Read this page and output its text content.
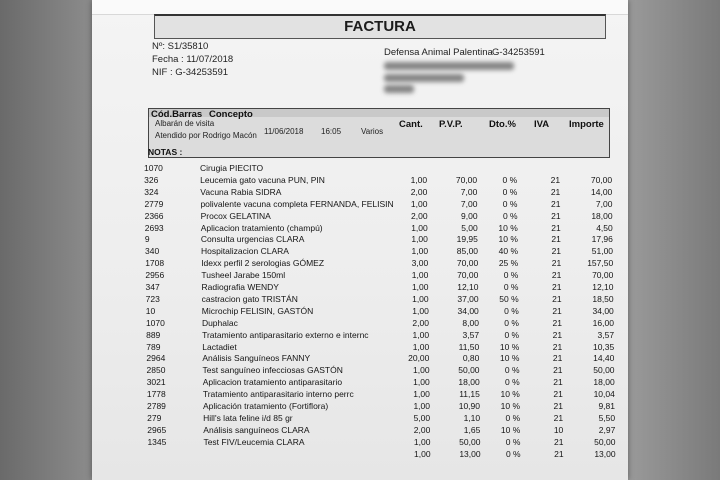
FACTURA
Nº: S1/35810
Fecha : 11/07/2018
NIF : G-34253591
Defensa Animal Palentina G-34253591
Cód.Barras Concepto
Cant. P.V.P.	Dto.% IVA Importe
Albarán de visita
11/06/2018 16:05 Varios
Atendido por Rodrigo Macón
NOTAS :
1070	Cirugia PIECITO
326	Leucemia gato vacuna PUN, PIN	1,00	70,00	0 %	21	70,00
324	Vacuna Rabia SIDRA	2,00	7,00	0 %	21	14,00
2779	polivalente vacuna completa FERNANDA, FELISIN	1,00	7,00	0 %	21	7,00
2366	Procox GELATINA	2,00	9,00	0 %	21	18,00
2693	Aplicacion tratamiento (champú)	1,00	5,00	10 %	21	4,50
9	Consulta urgencias CLARA	1,00	19,95	10 %	21	17,96
340	Hospitalizacion CLARA	1,00	85,00	40 %	21	51,00
1708	Idexx perfil 2 serologias GÓMEZ	3,00	70,00	25 %	21	157,50
2956	Tusheel Jarabe 150ml	1,00	70,00	0 %	21	70,00
347	Radiografia WENDY	1,00	12,10	0 %	21	12,10
723	castracion gato TRISTÁN	1,00	37,00	50 %	21	18,50
10	Microchip FELISIN, GASTÓN	1,00	34,00	0 %	21	34,00
1070	Duphalac	2,00	8,00	0 %	21	16,00
889	Tratamiento antiparasitario externo e internc	1,00	3,57	0 %	21	3,57
789	Lactadiet	1,00	11,50	10 %	21	10,35
2964	Análisis Sanguíneos FANNY	20,00	0,80	10 %	21	14,40
2850	Test sanguíneo infecciosas GASTÓN	1,00	50,00	0 %	21	50,00
3021	Aplicacion tratamiento antiparasitario	1,00	18,00	0 %	21	18,00
1778	Tratamiento antiparasitario interno perrc	1,00	11,15	10 %	21	10,04
2789	Aplicación tratamiento (Fortiflora)	1,00	10,90	10 %	21	9,81
279	Hill's lata feline i/d 85 gr	5,00	1,10	0 %	21	5,50
2965	Análisis sanguíneos CLARA	2,00	1,65	10 %	10	2,97
1345	Test FIV/Leucemia CLARA	1,00	50,00	0 %	21	50,00
1,00	13,00	0 %	21	13,00
